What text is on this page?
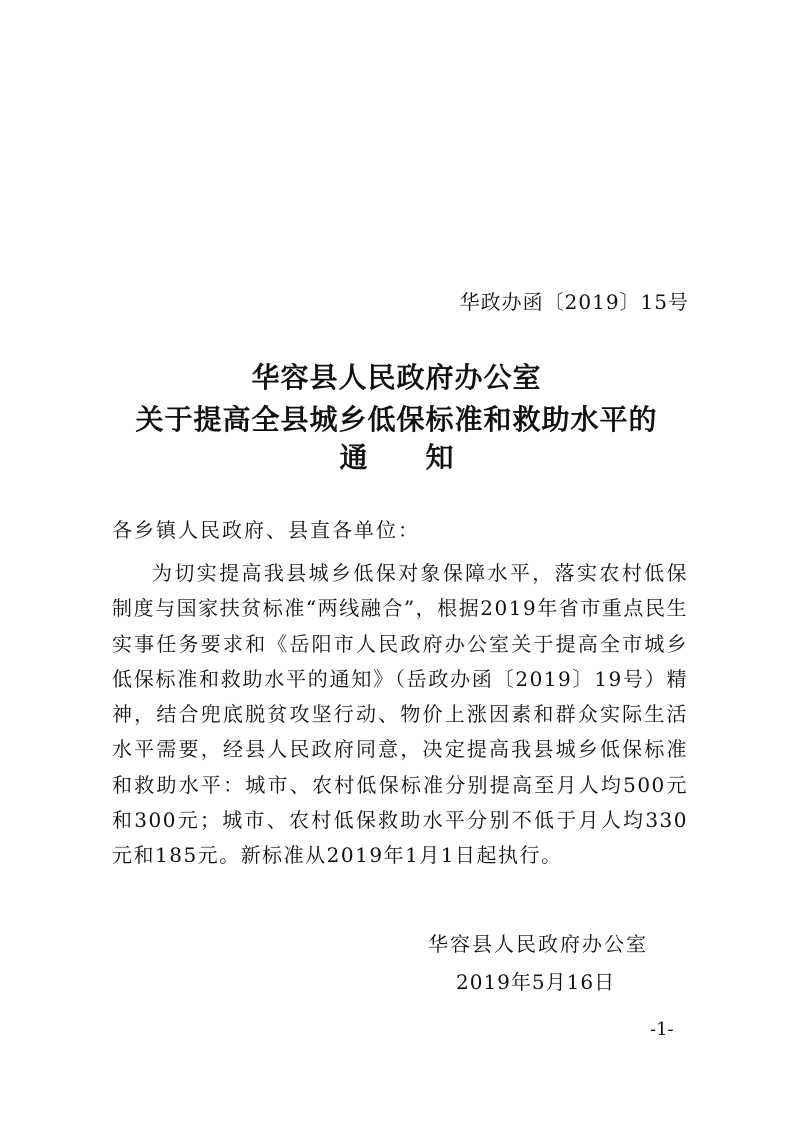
华政办函〔2019〕15号
华容县人民政府办公室
关于提高全县城乡低保标准和救助水平的
通 知
各乡镇人民政府、县直各单位：

为切实提高我县城乡低保对象保障水平，落实农村低保制度与国家扶贫标准“两线融合”，根据2019年省市重点民生实事任务要求和《岳阳市人民政府办公室关于提高全市城乡低保标准和救助水平的通知》（岳政办函〔2019〕19号）精神，结合兜底脱贫攻坚行动、物价上涨因素和群众实际生活水平需要，经县人民政府同意，决定提高我县城乡低保标准和救助水平：城市、农村低保标准分别提高至月人均500元和300元；城市、农村低保救助水平分别不低于月人均330元和185元。新标准从2019年1月1日起执行。

华容县人民政府办公室
2019年5月16日
-1-
